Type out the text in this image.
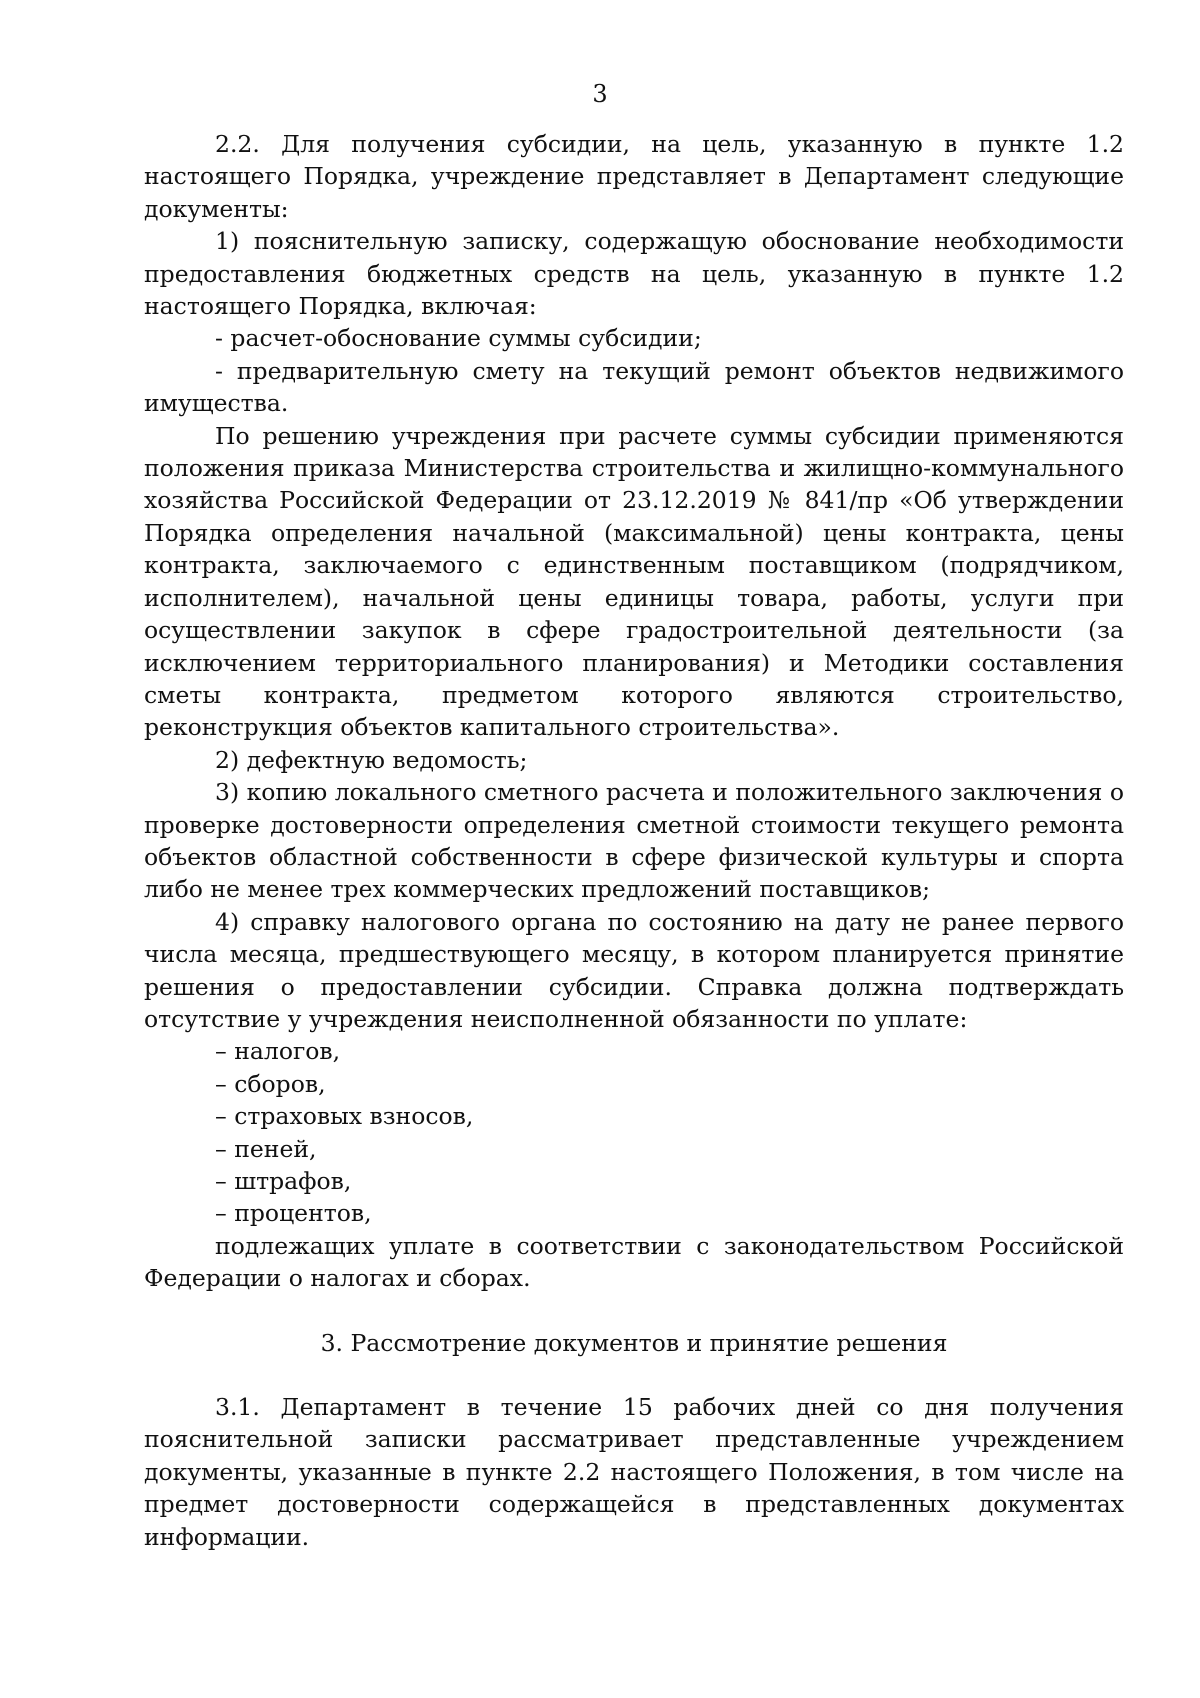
3

2.2. Для получения субсидии, на цель, указанную в пункте 1.2 настоящего Порядка, учреждение представляет в Департамент следующие документы:

1) пояснительную записку, содержащую обоснование необходимости предоставления бюджетных средств на цель, указанную в пункте 1.2 настоящего Порядка, включая:

- расчет-обоснование суммы субсидии;

- предварительную смету на текущий ремонт объектов недвижимого имущества.

По решению учреждения при расчете суммы субсидии применяются положения приказа Министерства строительства и жилищно-коммунального хозяйства Российской Федерации от 23.12.2019 № 841/пр «Об утверждении Порядка определения начальной (максимальной) цены контракта, цены контракта, заключаемого с единственным поставщиком (подрядчиком, исполнителем), начальной цены единицы товара, работы, услуги при осуществлении закупок в сфере градостроительной деятельности (за исключением территориального планирования) и Методики составления сметы контракта, предметом которого являются строительство, реконструкция объектов капитального строительства».

2) дефектную ведомость;

3) копию локального сметного расчета и положительного заключения о проверке достоверности определения сметной стоимости текущего ремонта объектов областной собственности в сфере физической культуры и спорта либо не менее трех коммерческих предложений поставщиков;

4) справку налогового органа по состоянию на дату не ранее первого числа месяца, предшествующего месяцу, в котором планируется принятие решения о предоставлении субсидии. Справка должна подтверждать отсутствие у учреждения неисполненной обязанности по уплате:

– налогов,

– сборов,

– страховых взносов,

– пеней,

– штрафов,

– процентов,

подлежащих уплате в соответствии с законодательством Российской Федерации о налогах и сборах.

3. Рассмотрение документов и принятие решения

3.1. Департамент в течение 15 рабочих дней со дня получения пояснительной записки рассматривает представленные учреждением документы, указанные в пункте 2.2 настоящего Положения, в том числе на предмет достоверности содержащейся в представленных документах информации.
